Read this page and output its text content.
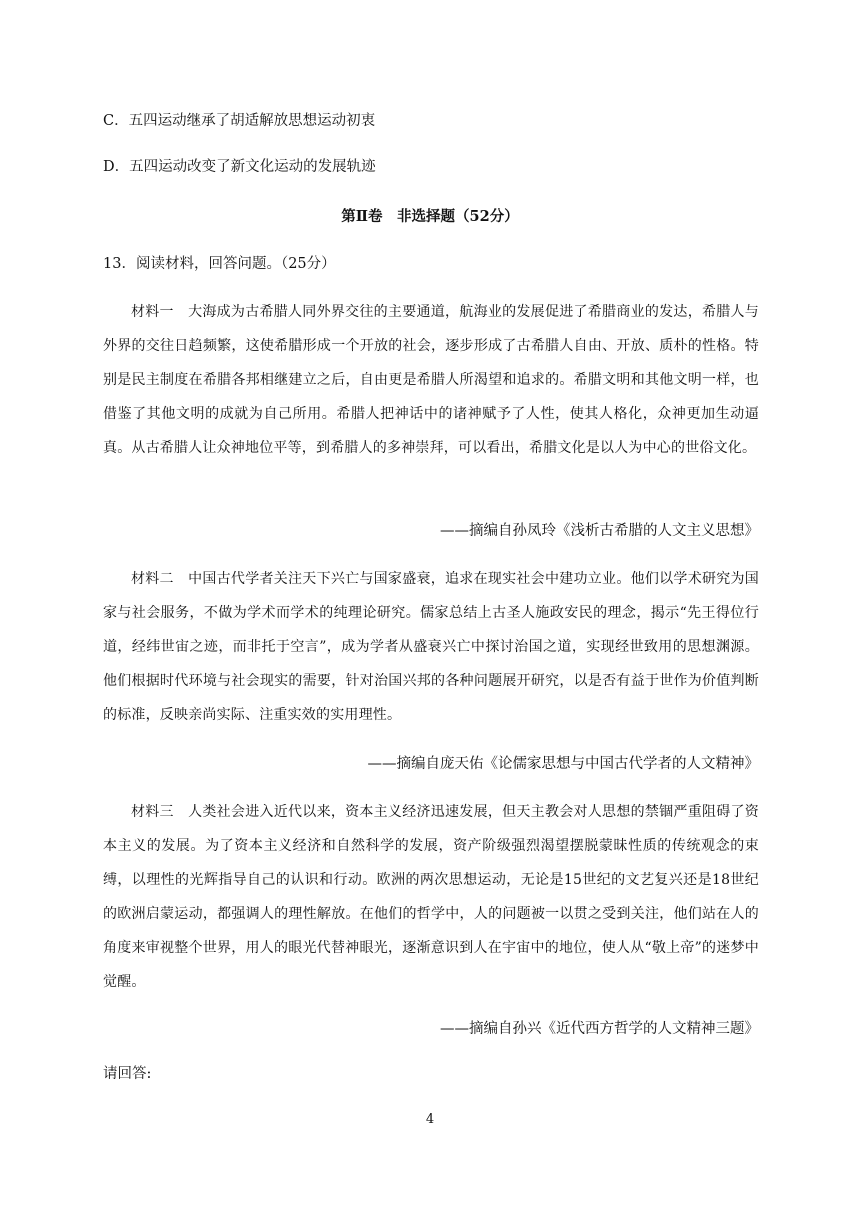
C．五四运动继承了胡适解放思想运动初衷
D．五四运动改变了新文化运动的发展轨迹
第Ⅱ卷　非选择题（52分）
13．阅读材料，回答问题。（25分）
材料一　大海成为古希腊人同外界交往的主要通道，航海业的发展促进了希腊商业的发达，希腊人与外界的交往日趋频繁，这使希腊形成一个开放的社会，逐步形成了古希腊人自由、开放、质朴的性格。特别是民主制度在希腊各邦相继建立之后，自由更是希腊人所渴望和追求的。希腊文明和其他文明一样，也借鉴了其他文明的成就为自己所用。希腊人把神话中的诸神赋予了人性，使其人格化，众神更加生动逼真。从古希腊人让众神地位平等，到希腊人的多神崇拜，可以看出，希腊文化是以人为中心的世俗文化。
——摘编自孙凤玲《浅析古希腊的人文主义思想》
材料二　中国古代学者关注天下兴亡与国家盛衰，追求在现实社会中建功立业。他们以学术研究为国家与社会服务，不做为学术而学术的纯理论研究。儒家总结上古圣人施政安民的理念，揭示“先王得位行道，经纬世宙之迹，而非托于空言”，成为学者从盛衰兴亡中探讨治国之道，实现经世致用的思想渊源。他们根据时代环境与社会现实的需要，针对治国兴邦的各种问题展开研究，以是否有益于世作为价值判断的标准，反映亲尚实际、注重实效的实用理性。
——摘编自庞天佑《论儒家思想与中国古代学者的人文精神》
材料三　人类社会进入近代以来，资本主义经济迅速发展，但天主教会对人思想的禁锢严重阻碍了资本主义的发展。为了资本主义经济和自然科学的发展，资产阶级强烈渴望摆脱蒙昧性质的传统观念的束缚，以理性的光辉指导自己的认识和行动。欧洲的两次思想运动，无论是15世纪的文艺复兴还是18世纪的欧洲启蒙运动，都强调人的理性解放。在他们的哲学中，人的问题被一以贯之受到关注，他们站在人的角度来审视整个世界，用人的眼光代替神眼光，逐渐意识到人在宇宙中的地位，使人从“敬上帝”的迷梦中觉醒。
——摘编自孙兴《近代西方哲学的人文精神三题》
请回答:
4
